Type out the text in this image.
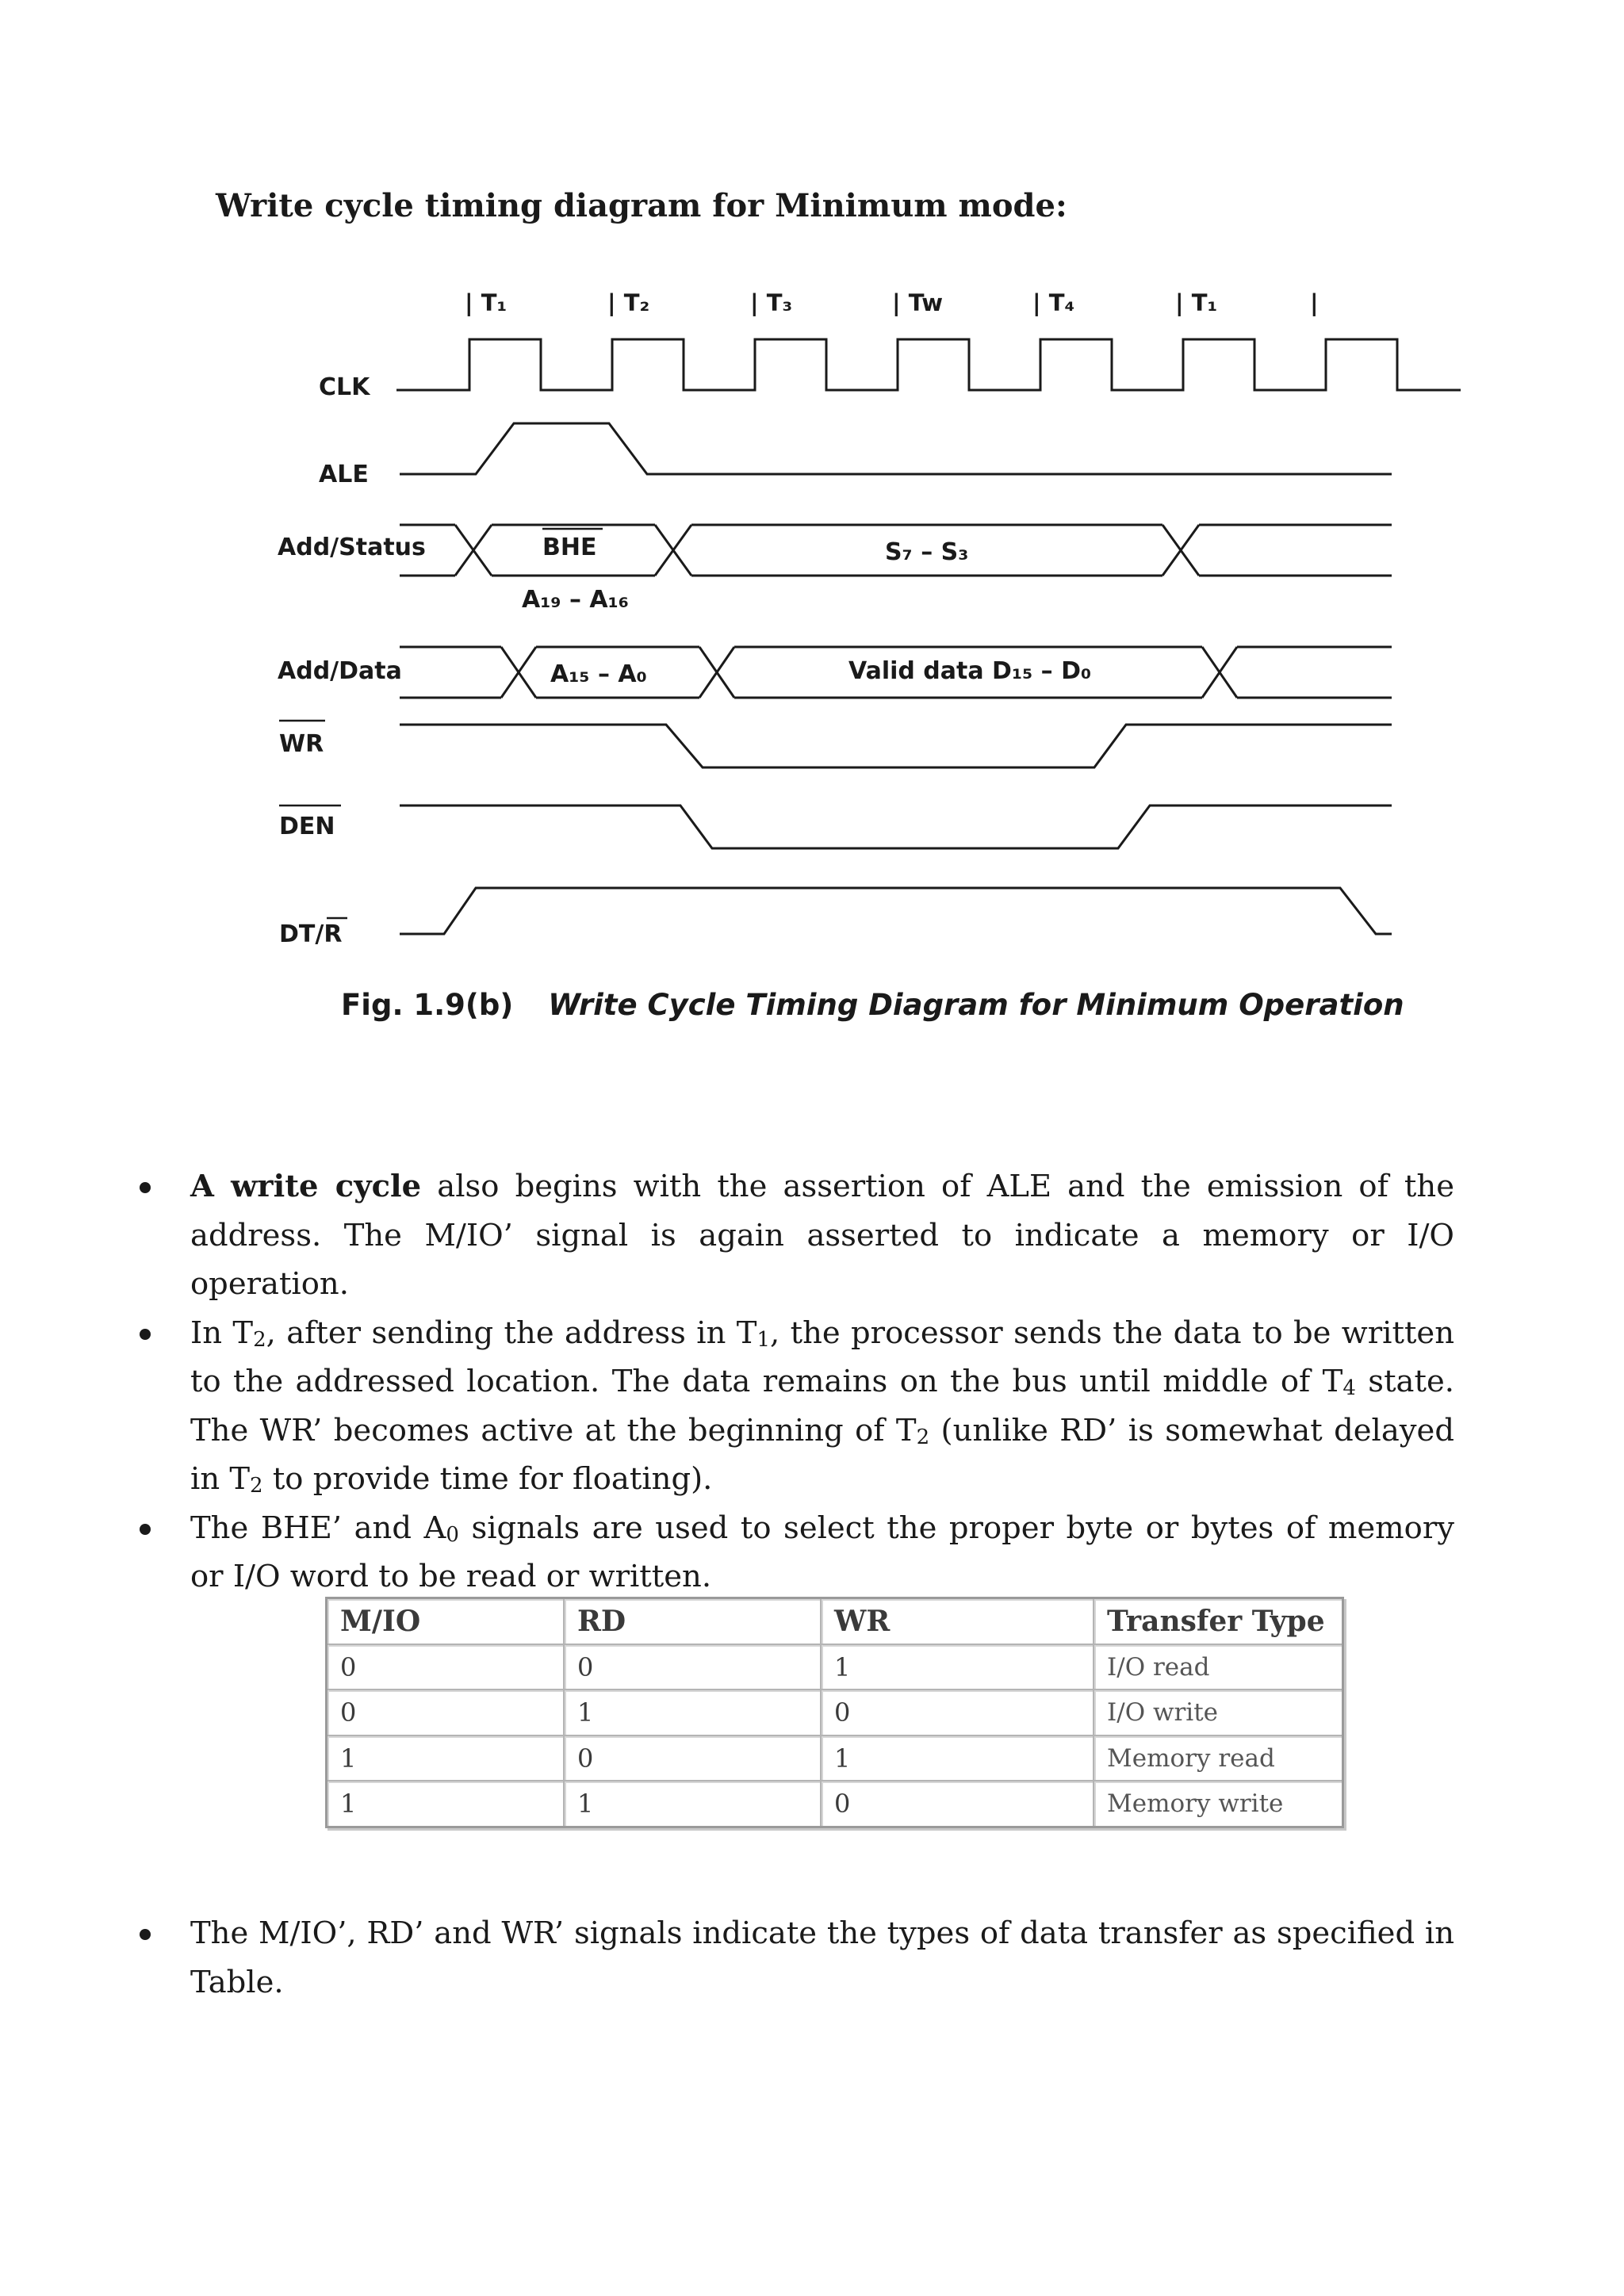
Write cycle timing diagram for Minimum mode:
| T₁	| T₂	| T₃	| Tw	| T₄	| T₁	|
CLK
ALE
Add/Status
Add/Data
WR
DEN
DT/R
BHE
A₁₉ – A₁₆
S₇ – S₃
A₁₅ – A₀	Valid data D₁₅ – D₀
Fig. 1.9(b) Write Cycle Timing Diagram for Minimum Operation
A write cycle also begins with the assertion of ALE and the emission of the address. The M/IO’ signal is again asserted to indicate a memory or I/O operation.
In $T_2$, after sending the address in $T_1$, the processor sends the data to be written to the addressed location. The data remains on the bus until middle of $T_4$ state. The WR’ becomes active at the beginning of $T_2$ (unlike RD’ is somewhat delayed in $T_2$ to provide time for floating).
The BHE’ and $A_0$ signals are used to select the proper byte or bytes of memory or I/O word to be read or written.
M/IO	RD	WR	Transfer Type
0	0	1	I/O read
0	1	0	I/O write
1	0	1	Memory read
1	1	0	Memory write
The M/IO’, RD’ and WR’ signals indicate the types of data transfer as specified in Table.
